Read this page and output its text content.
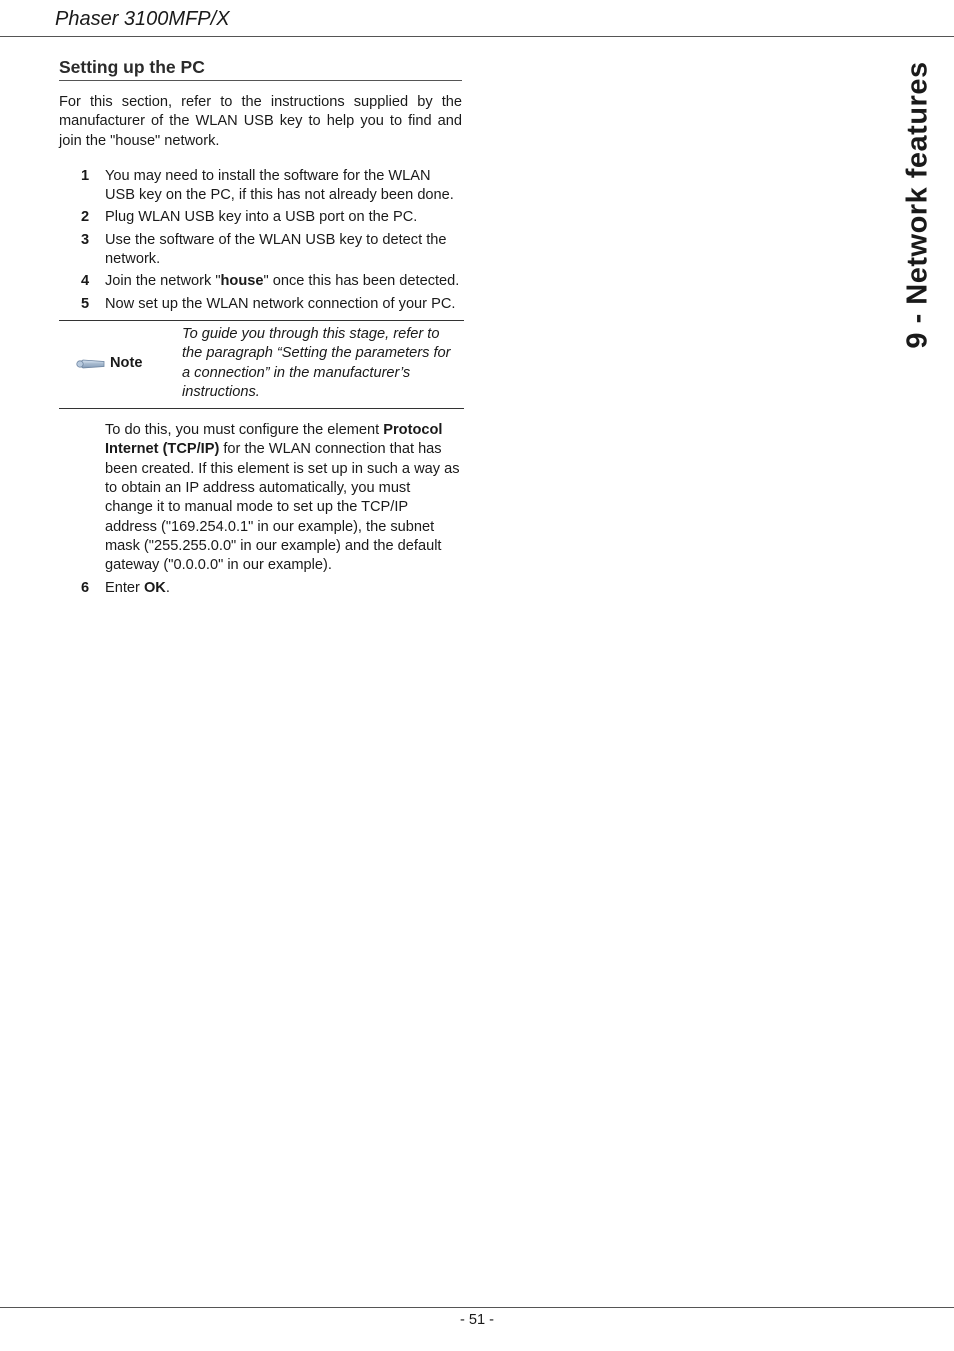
Phaser 3100MFP/X
9 - Network features
Setting up the PC

For this section, refer to the instructions supplied by the manufacturer of the WLAN USB key to help you to find and join the "house" network.

1 You may need to install the software for the WLAN USB key on the PC, if this has not already been done.
2 Plug WLAN USB key into a USB port on the PC.
3 Use the software of the WLAN USB key to detect the network.
4 Join the network "house" once this has been detected.
5 Now set up the WLAN network connection of your PC.
Note
To guide you through this stage, refer to the paragraph “Setting the parameters for a connection” in the manufacturer’s instructions.

To do this, you must configure the element Protocol Internet (TCP/IP) for the WLAN connection that has been created. If this element is set up in such a way as to obtain an IP address automatically, you must change it to manual mode to set up the TCP/IP address ("169.254.0.1" in our example), the subnet mask ("255.255.0.0" in our example) and the default gateway ("0.0.0.0" in our example).

6 Enter OK.
- 51 -
